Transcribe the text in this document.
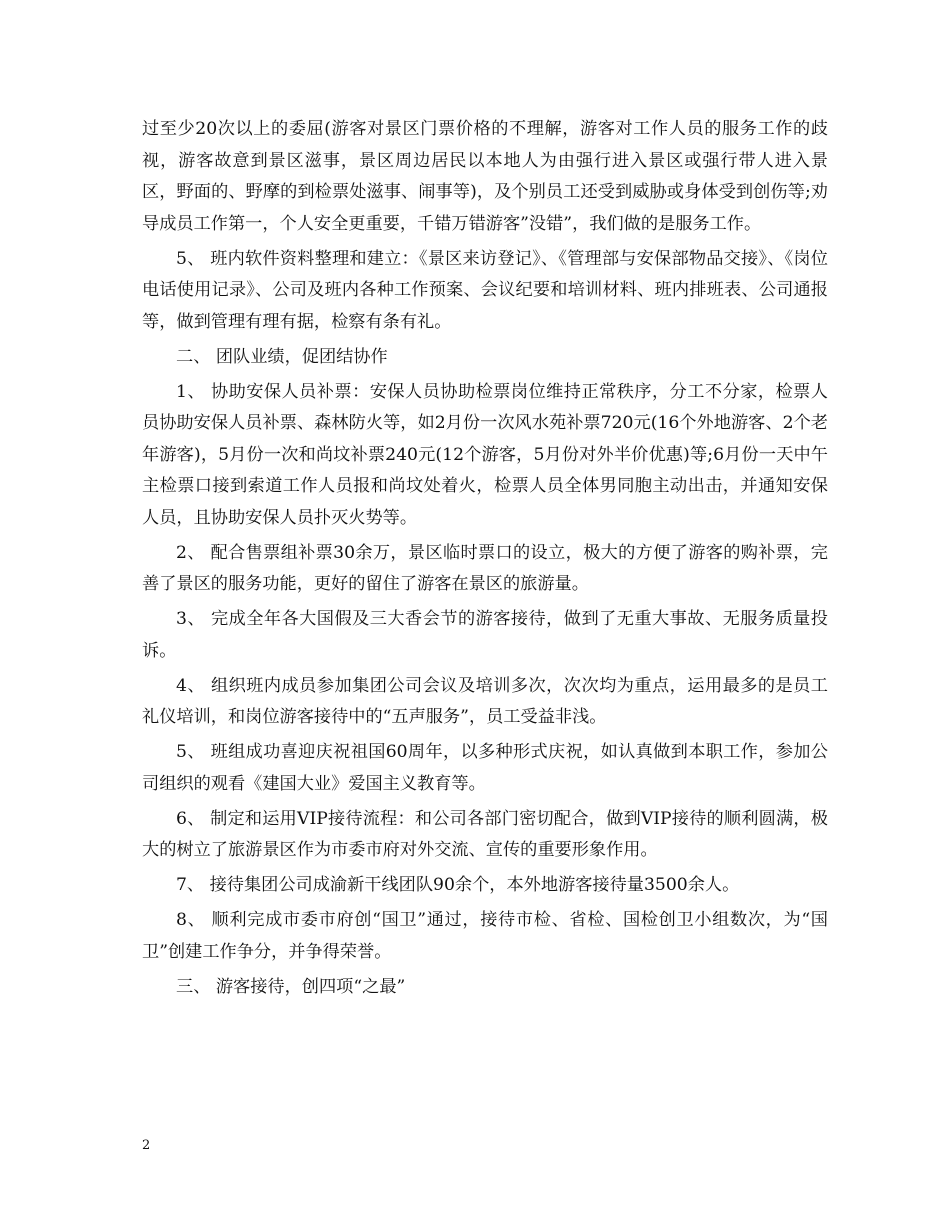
过至少20次以上的委屈(游客对景区门票价格的不理解，游客对工作人员的服务工作的歧视，游客故意到景区滋事，景区周边居民以本地人为由强行进入景区或强行带人进入景区，野面的、野摩的到检票处滋事、闹事等)，及个别员工还受到威胁或身体受到创伤等;劝导成员工作第一，个人安全更重要，千错万错游客”没错”，我们做的是服务工作。

5、 班内软件资料整理和建立：《景区来访登记》、《管理部与安保部物品交接》、《岗位电话使用记录》、公司及班内各种工作预案、会议纪要和培训材料、班内排班表、公司通报等，做到管理有理有据，检察有条有礼。

二、 团队业绩，促团结协作

1、 协助安保人员补票：安保人员协助检票岗位维持正常秩序，分工不分家，检票人员协助安保人员补票、森林防火等，如2月份一次风水苑补票720元(16个外地游客、2个老年游客)，5月份一次和尚坟补票240元(12个游客，5月份对外半价优惠)等;6月份一天中午主检票口接到索道工作人员报和尚坟处着火，检票人员全体男同胞主动出击，并通知安保人员，且协助安保人员扑灭火势等。

2、 配合售票组补票30余万，景区临时票口的设立，极大的方便了游客的购补票，完善了景区的服务功能，更好的留住了游客在景区的旅游量。

3、 完成全年各大国假及三大香会节的游客接待，做到了无重大事故、无服务质量投诉。

4、 组织班内成员参加集团公司会议及培训多次，次次均为重点，运用最多的是员工礼仪培训，和岗位游客接待中的“五声服务”，员工受益非浅。

5、 班组成功喜迎庆祝祖国60周年，以多种形式庆祝，如认真做到本职工作，参加公司组织的观看《建国大业》爱国主义教育等。

6、 制定和运用VIP接待流程：和公司各部门密切配合，做到VIP接待的顺利圆满，极大的树立了旅游景区作为市委市府对外交流、宣传的重要形象作用。

7、 接待集团公司成渝新干线团队90余个，本外地游客接待量3500余人。

8、 顺利完成市委市府创“国卫”通过，接待市检、省检、国检创卫小组数次，为“国卫”创建工作争分，并争得荣誉。

三、 游客接待，创四项“之最”

2
